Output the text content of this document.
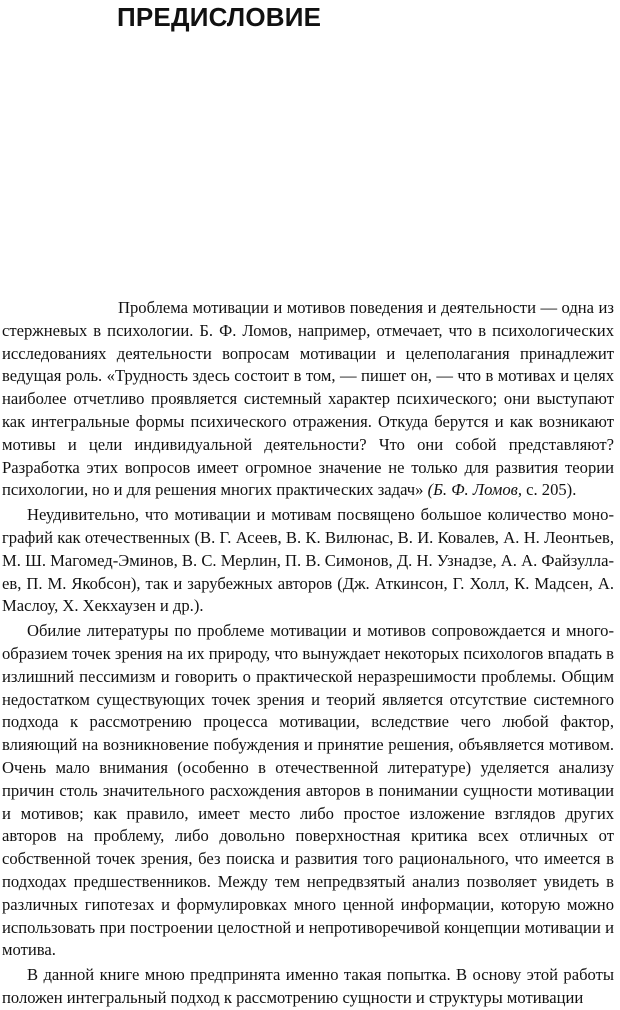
ПРЕДИСЛОВИЕ

Проблема мотивации и мотивов поведения и деятельности — одна из стержневых в психологии. Б. Ф. Ломов, например, отмечает, что в психологических исследованиях деятельности вопросам мотивации и целеполагания принадлежит ведущая роль. «Трудность здесь состоит в том, — пишет он, — что в мотивах и целях наиболее отчетливо проявляется системный характер психического; они выступают как интегральные формы психического отражения. Откуда берутся и как возникают мотивы и цели индивидуальной деятельности? Что они собой представляют? Разработка этих вопросов имеет огромное значение не только для развития теории психологии, но и для решения многих практических задач» (Б. Ф. Ломов, с. 205).

Неудивительно, что мотивации и мотивам посвящено большое количество монографий как отечественных (В. Г. Асеев, В. К. Вилюнас, В. И. Ковалев, А. Н. Леонтьев, М. Ш. Магомед-Эминов, В. С. Мерлин, П. В. Симонов, Д. Н. Узнадзе, А. А. Файзуллаев, П. М. Якобсон), так и зарубежных авторов (Дж. Аткинсон, Г. Холл, К. Мадсен, А. Маслоу, Х. Хекхаузен и др.).

Обилие литературы по проблеме мотивации и мотивов сопровождается и многообразием точек зрения на их природу, что вынуждает некоторых психологов впадать в излишний пессимизм и говорить о практической неразрешимости проблемы. Общим недостатком существующих точек зрения и теорий является отсутствие системного подхода к рассмотрению процесса мотивации, вследствие чего любой фактор, влияющий на возникновение побуждения и принятие решения, объявляется мотивом. Очень мало внимания (особенно в отечественной литературе) уделяется анализу причин столь значительного расхождения авторов в понимании сущности мотивации и мотивов; как правило, имеет место либо простое изложение взглядов других авторов на проблему, либо довольно поверхностная критика всех отличных от собственной точек зрения, без поиска и развития того рационального, что имеется в подходах предшественников. Между тем непредвзятый анализ позволяет увидеть в различных гипотезах и формулировках много ценной информации, которую можно использовать при построении целостной и непротиворечивой концепции мотивации и мотива.

В данной книге мною предпринята именно такая попытка. В основу этой работы положен интегральный подход к рассмотрению сущности и структуры мотивации
